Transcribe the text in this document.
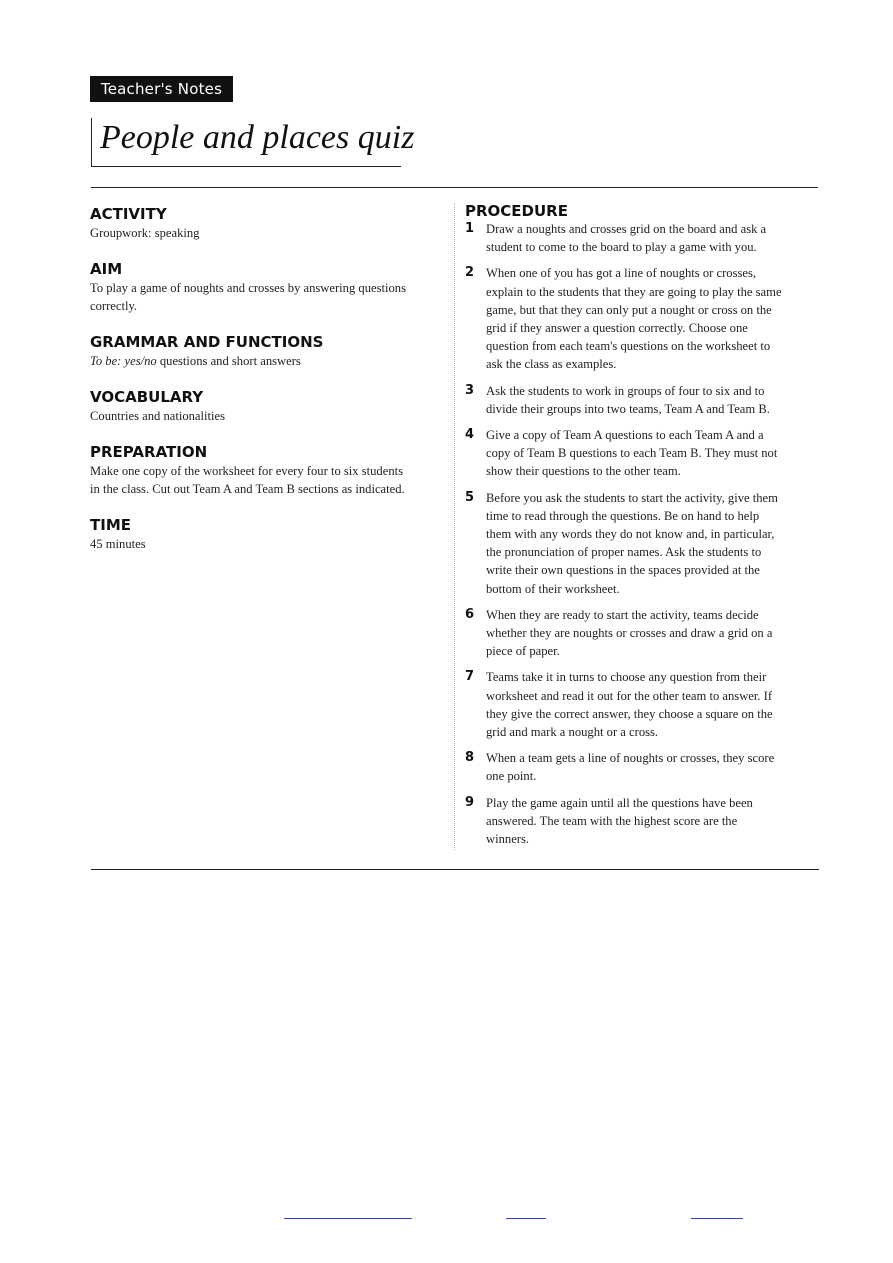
Teacher's Notes
People and places quiz
ACTIVITY
Groupwork: speaking
AIM
To play a game of noughts and crosses by answering questions
correctly.
GRAMMAR AND FUNCTIONS
To be: yes/no questions and short answers
VOCABULARY
Countries and nationalities
PREPARATION
Make one copy of the worksheet for every four to six students
in the class. Cut out Team A and Team B sections as indicated.
TIME
45 minutes
PROCEDURE
1 Draw a noughts and crosses grid on the board and ask a
student to come to the board to play a game with you.
2 When one of you has got a line of noughts or crosses,
explain to the students that they are going to play the same
game, but that they can only put a nought or cross on the
grid if they answer a question correctly. Choose one
question from each team's questions on the worksheet to
ask the class as examples.
3 Ask the students to work in groups of four to six and to
divide their groups into two teams, Team A and Team B.
4 Give a copy of Team A questions to each Team A and a
copy of Team B questions to each Team B. They must not
show their questions to the other team.
5 Before you ask the students to start the activity, give them
time to read through the questions. Be on hand to help
them with any words they do not know and, in particular,
the pronunciation of proper names. Ask the students to
write their own questions in the spaces provided at the
bottom of their worksheet.
6 When they are ready to start the activity, teams decide
whether they are noughts or crosses and draw a grid on a
piece of paper.
7 Teams take it in turns to choose any question from their
worksheet and read it out for the other team to answer. If
they give the correct answer, they choose a square on the
grid and mark a nought or a cross.
8 When a team gets a line of noughts or crosses, they score
one point.
9 Play the game again until all the questions have been
answered. The team with the highest score are the
winners.
